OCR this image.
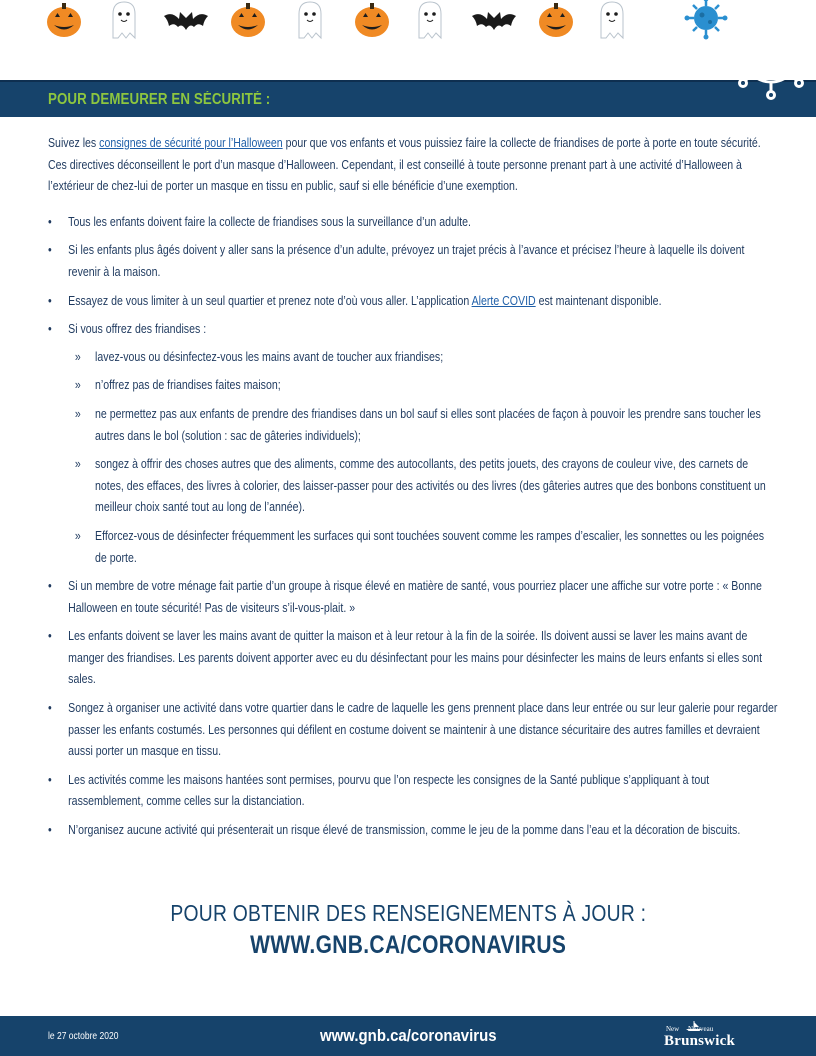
POUR DEMEURER EN SÉCURITÉ :

Suivez les consignes de sécurité pour l’Halloween pour que vos enfants et vous puissiez faire la collecte de friandises de porte à porte en toute sécurité. Ces directives déconseillent le port d’un masque d’Halloween. Cependant, il est conseillé à toute personne prenant part à une activité d’Halloween à l’extérieur de chez-lui de porter un masque en tissu en public, sauf si elle bénéficie d’une exemption.

• Tous les enfants doivent faire la collecte de friandises sous la surveillance d’un adulte.
• Si les enfants plus âgés doivent y aller sans la présence d’un adulte, prévoyez un trajet précis à l’avance et précisez l’heure à laquelle ils doivent revenir à la maison.
• Essayez de vous limiter à un seul quartier et prenez note d’où vous aller. L’application Alerte COVID est maintenant disponible.
• Si vous offrez des friandises :
» lavez-vous ou désinfectez-vous les mains avant de toucher aux friandises;
» n’offrez pas de friandises faites maison;
» ne permettez pas aux enfants de prendre des friandises dans un bol sauf si elles sont placées de façon à pouvoir les prendre sans toucher les autres dans le bol (solution : sac de gâteries individuels);
» songez à offrir des choses autres que des aliments, comme des autocollants, des petits jouets, des crayons de couleur vive, des carnets de notes, des effaces, des livres à colorier, des laisser-passer pour des activités ou des livres (des gâteries autres que des bonbons constituent un meilleur choix santé tout au long de l’année).
» Efforcez-vous de désinfecter fréquemment les surfaces qui sont touchées souvent comme les rampes d’escalier, les sonnettes ou les poignées de porte.
• Si un membre de votre ménage fait partie d’un groupe à risque élevé en matière de santé, vous pourriez placer une affiche sur votre porte : « Bonne Halloween en toute sécurité! Pas de visiteurs s’il-vous-plait. »
• Les enfants doivent se laver les mains avant de quitter la maison et à leur retour à la fin de la soirée. Ils doivent aussi se laver les mains avant de manger des friandises. Les parents doivent apporter avec eu du désinfectant pour les mains pour désinfecter les mains de leurs enfants si elles sont sales.
• Songez à organiser une activité dans votre quartier dans le cadre de laquelle les gens prennent place dans leur entrée ou sur leur galerie pour regarder passer les enfants costumés. Les personnes qui défilent en costume doivent se maintenir à une distance sécuritaire des autres familles et devraient aussi porter un masque en tissu.
• Les activités comme les maisons hantées sont permises, pourvu que l’on respecte les consignes de la Santé publique s’appliquant à tout rassemblement, comme celles sur la distanciation.
• N’organisez aucune activité qui présenterait un risque élevé de transmission, comme le jeu de la pomme dans l’eau et la décoration de biscuits.
POUR OBTENIR DES RENSEIGNEMENTS À JOUR :
WWW.GNB.CA/CORONAVIRUS
le 27 octobre 2020	www.gnb.ca/coronavirus	New Nouveau
Brunswick
